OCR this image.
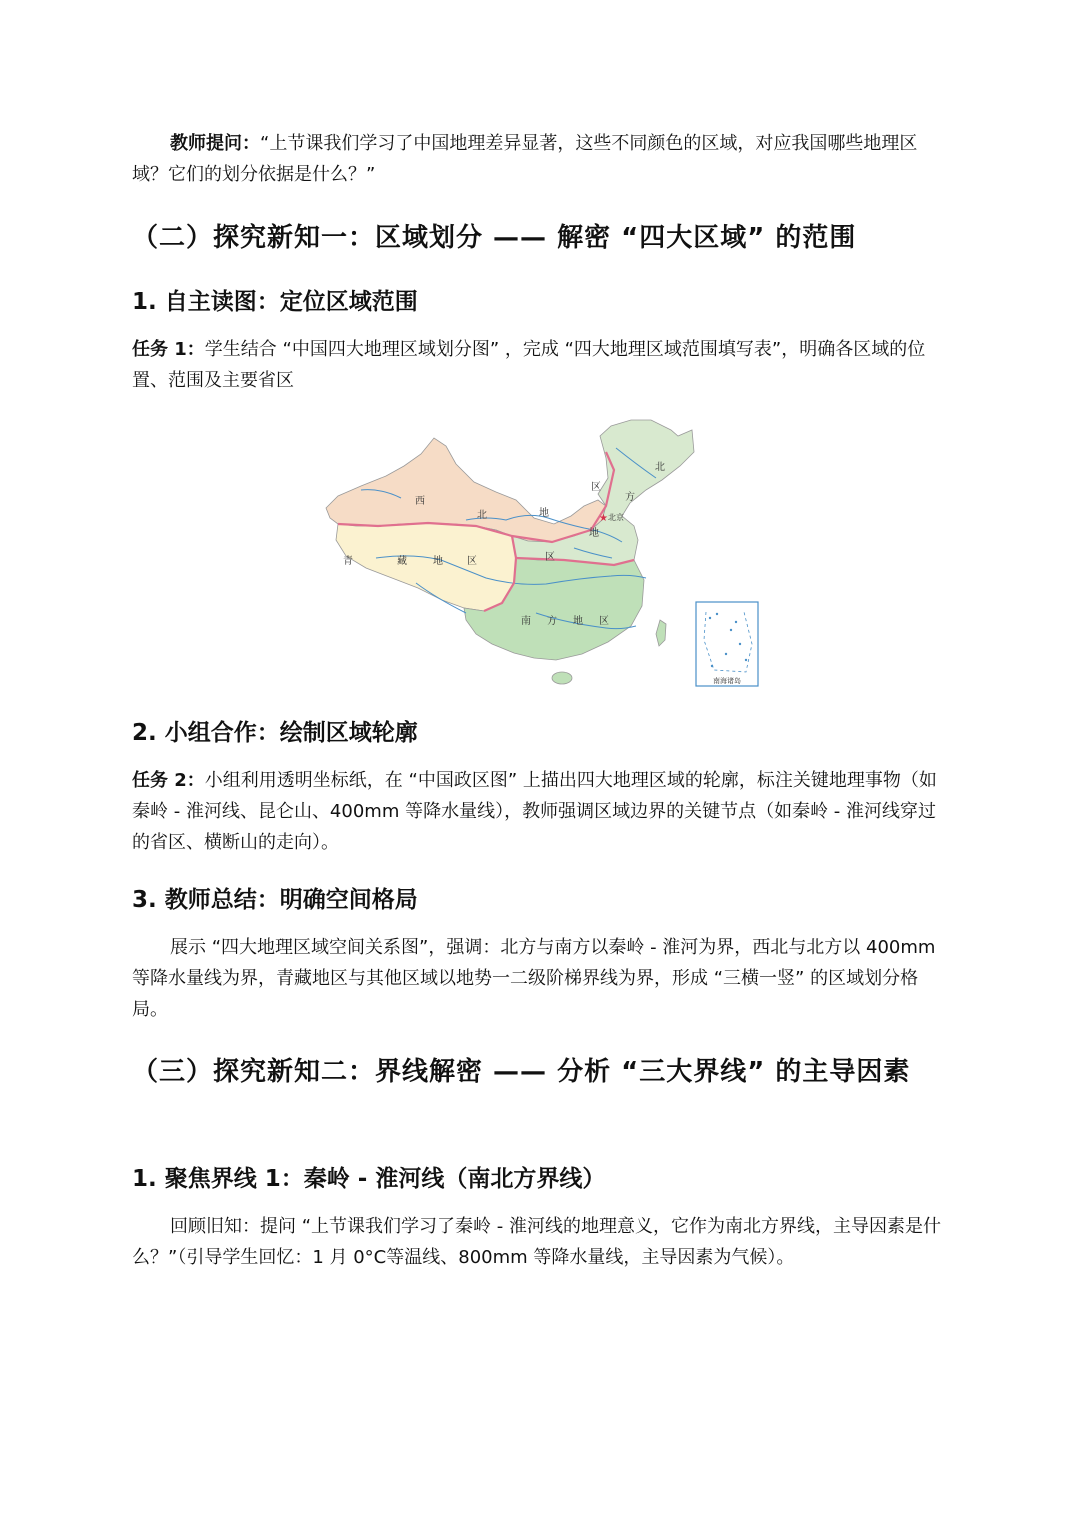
教师提问：“上节课我们学习了中国地理差异显著，这些不同颜色的区域，对应我国哪些地理区域？它们的划分依据是什么？”

（二）探究新知一：区域划分 —— 解密 “四大区域” 的范围
1. 自主读图：定位区域范围

任务 1：学生结合 “中国四大地理区域划分图” ，完成 “四大地理区域范围填写表”，明确各区域的位置、范围及主要省区

南海诸岛
西
北	地
区
青	藏	地 区
北
方
地
区
南 方 地 区
★ 北京
2. 小组合作：绘制区域轮廓

任务 2：小组利用透明坐标纸，在 “中国政区图” 上描出四大地理区域的轮廓，标注关键地理事物（如秦岭 - 淮河线、昆仑山、400mm 等降水量线），教师强调区域边界的关键节点（如秦岭 - 淮河线穿过的省区、横断山的走向）。

3. 教师总结：明确空间格局

展示 “四大地理区域空间关系图”，强调：北方与南方以秦岭 - 淮河为界，西北与北方以 400mm 等降水量线为界，青藏地区与其他区域以地势一二级阶梯界线为界，形成 “三横一竖” 的区域划分格局。

（三）探究新知二：界线解密 —— 分析 “三大界线” 的主导因素
1. 聚焦界线 1：秦岭 - 淮河线（南北方界线）

回顾旧知：提问 “上节课我们学习了秦岭 - 淮河线的地理意义，它作为南北方界线，主导因素是什么？”（引导学生回忆：1 月 0°C等温线、800mm 等降水量线，主导因素为气候）。
